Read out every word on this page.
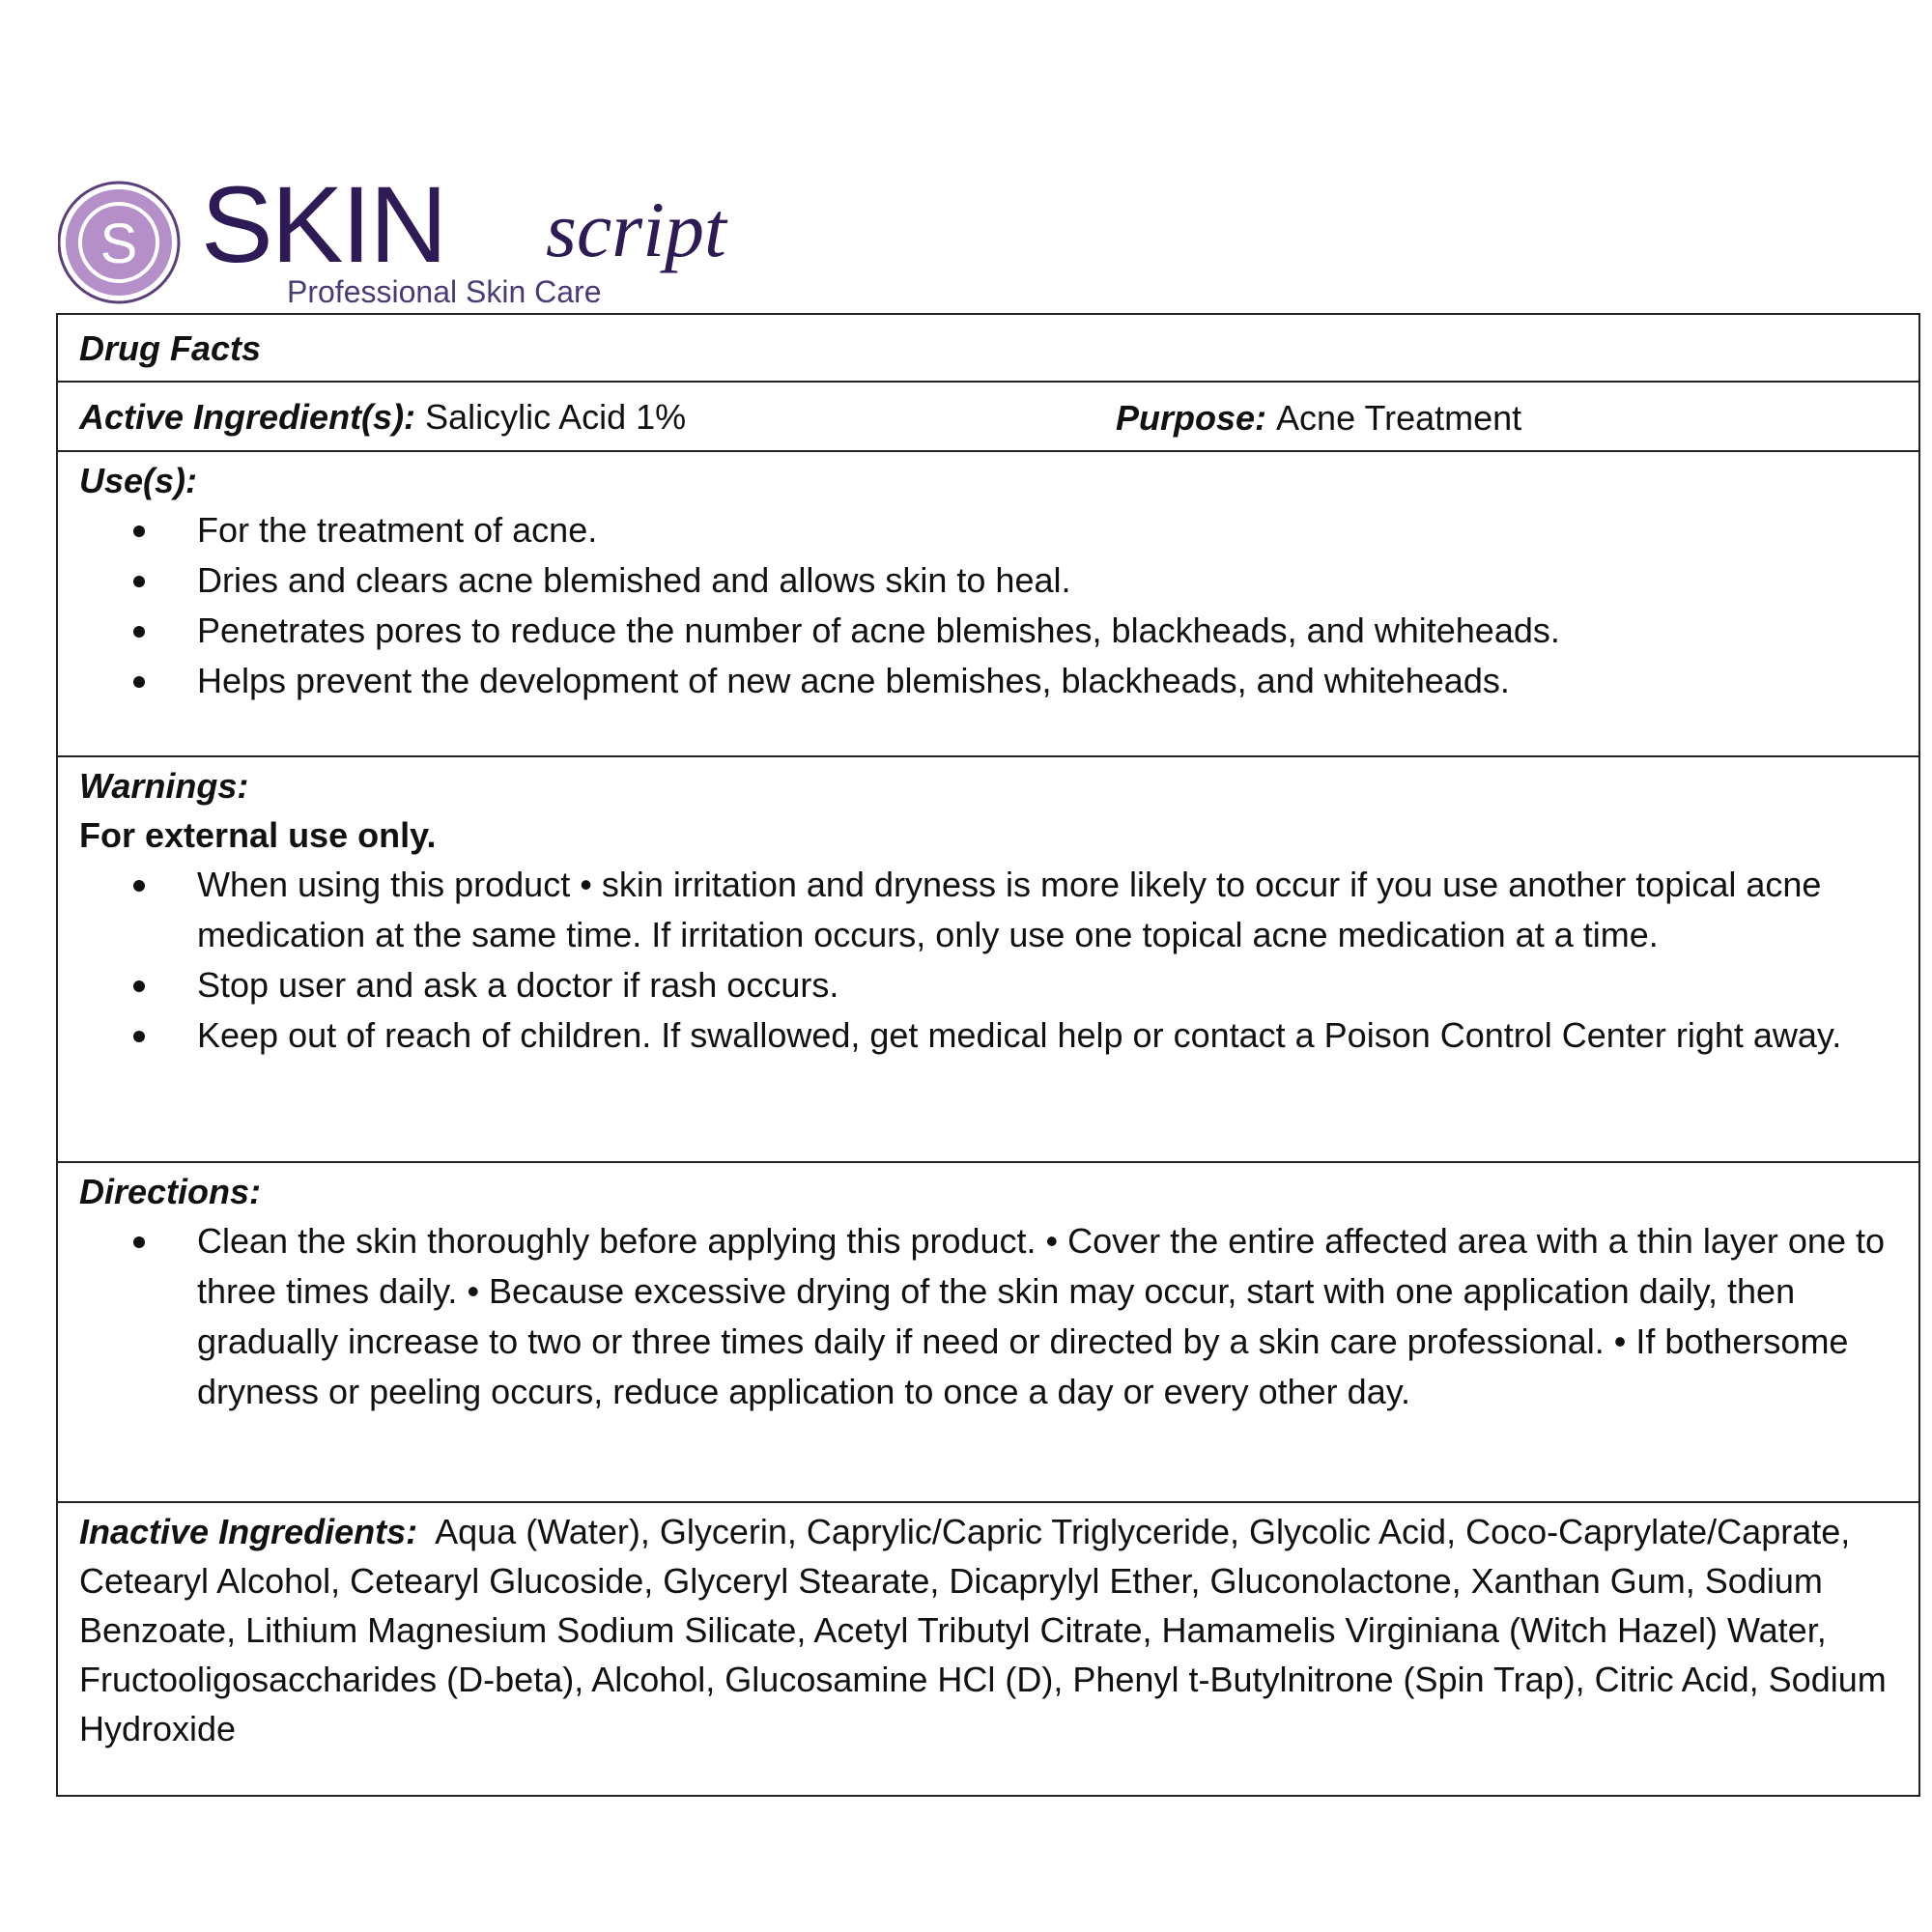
S SKIN script
Professional Skin Care
Drug Facts
Active Ingredient(s): Salicylic Acid 1%	Purpose:
Acne Treatment
Use(s):
For the treatment of acne.
Dries and clears acne blemished and allows skin to heal.
Penetrates pores to reduce the number of acne blemishes, blackheads, and whiteheads.
Helps prevent the development of new acne blemishes, blackheads, and whiteheads.
Warnings:
For external use only.
When using this product • skin irritation and dryness is more likely to occur if you use another topical acne medication at the same time. If irritation occurs, only use one topical acne medication at a time.
Stop user and ask a doctor if rash occurs.
Keep out of reach of children. If swallowed, get medical help or contact a Poison Control Center right away.
Directions:
Clean the skin thoroughly before applying this product. • Cover the entire affected area with a thin layer one to three times daily. • Because excessive drying of the skin may occur, start with one application daily, then gradually increase to two or three times daily if need or directed by a skin care professional. • If bothersome dryness or peeling occurs, reduce application to once a day or every other day.
Inactive Ingredients: Aqua (Water), Glycerin, Caprylic/Capric Triglyceride, Glycolic Acid, Coco-Caprylate/Caprate, Cetearyl Alcohol, Cetearyl Glucoside, Glyceryl Stearate, Dicaprylyl Ether, Gluconolactone, Xanthan Gum, Sodium Benzoate, Lithium Magnesium Sodium Silicate, Acetyl Tributyl Citrate, Hamamelis Virginiana (Witch Hazel) Water, Fructooligosaccharides (D-beta), Alcohol, Glucosamine HCl (D), Phenyl t-Butylnitrone (Spin Trap), Citric Acid, Sodium Hydroxide
